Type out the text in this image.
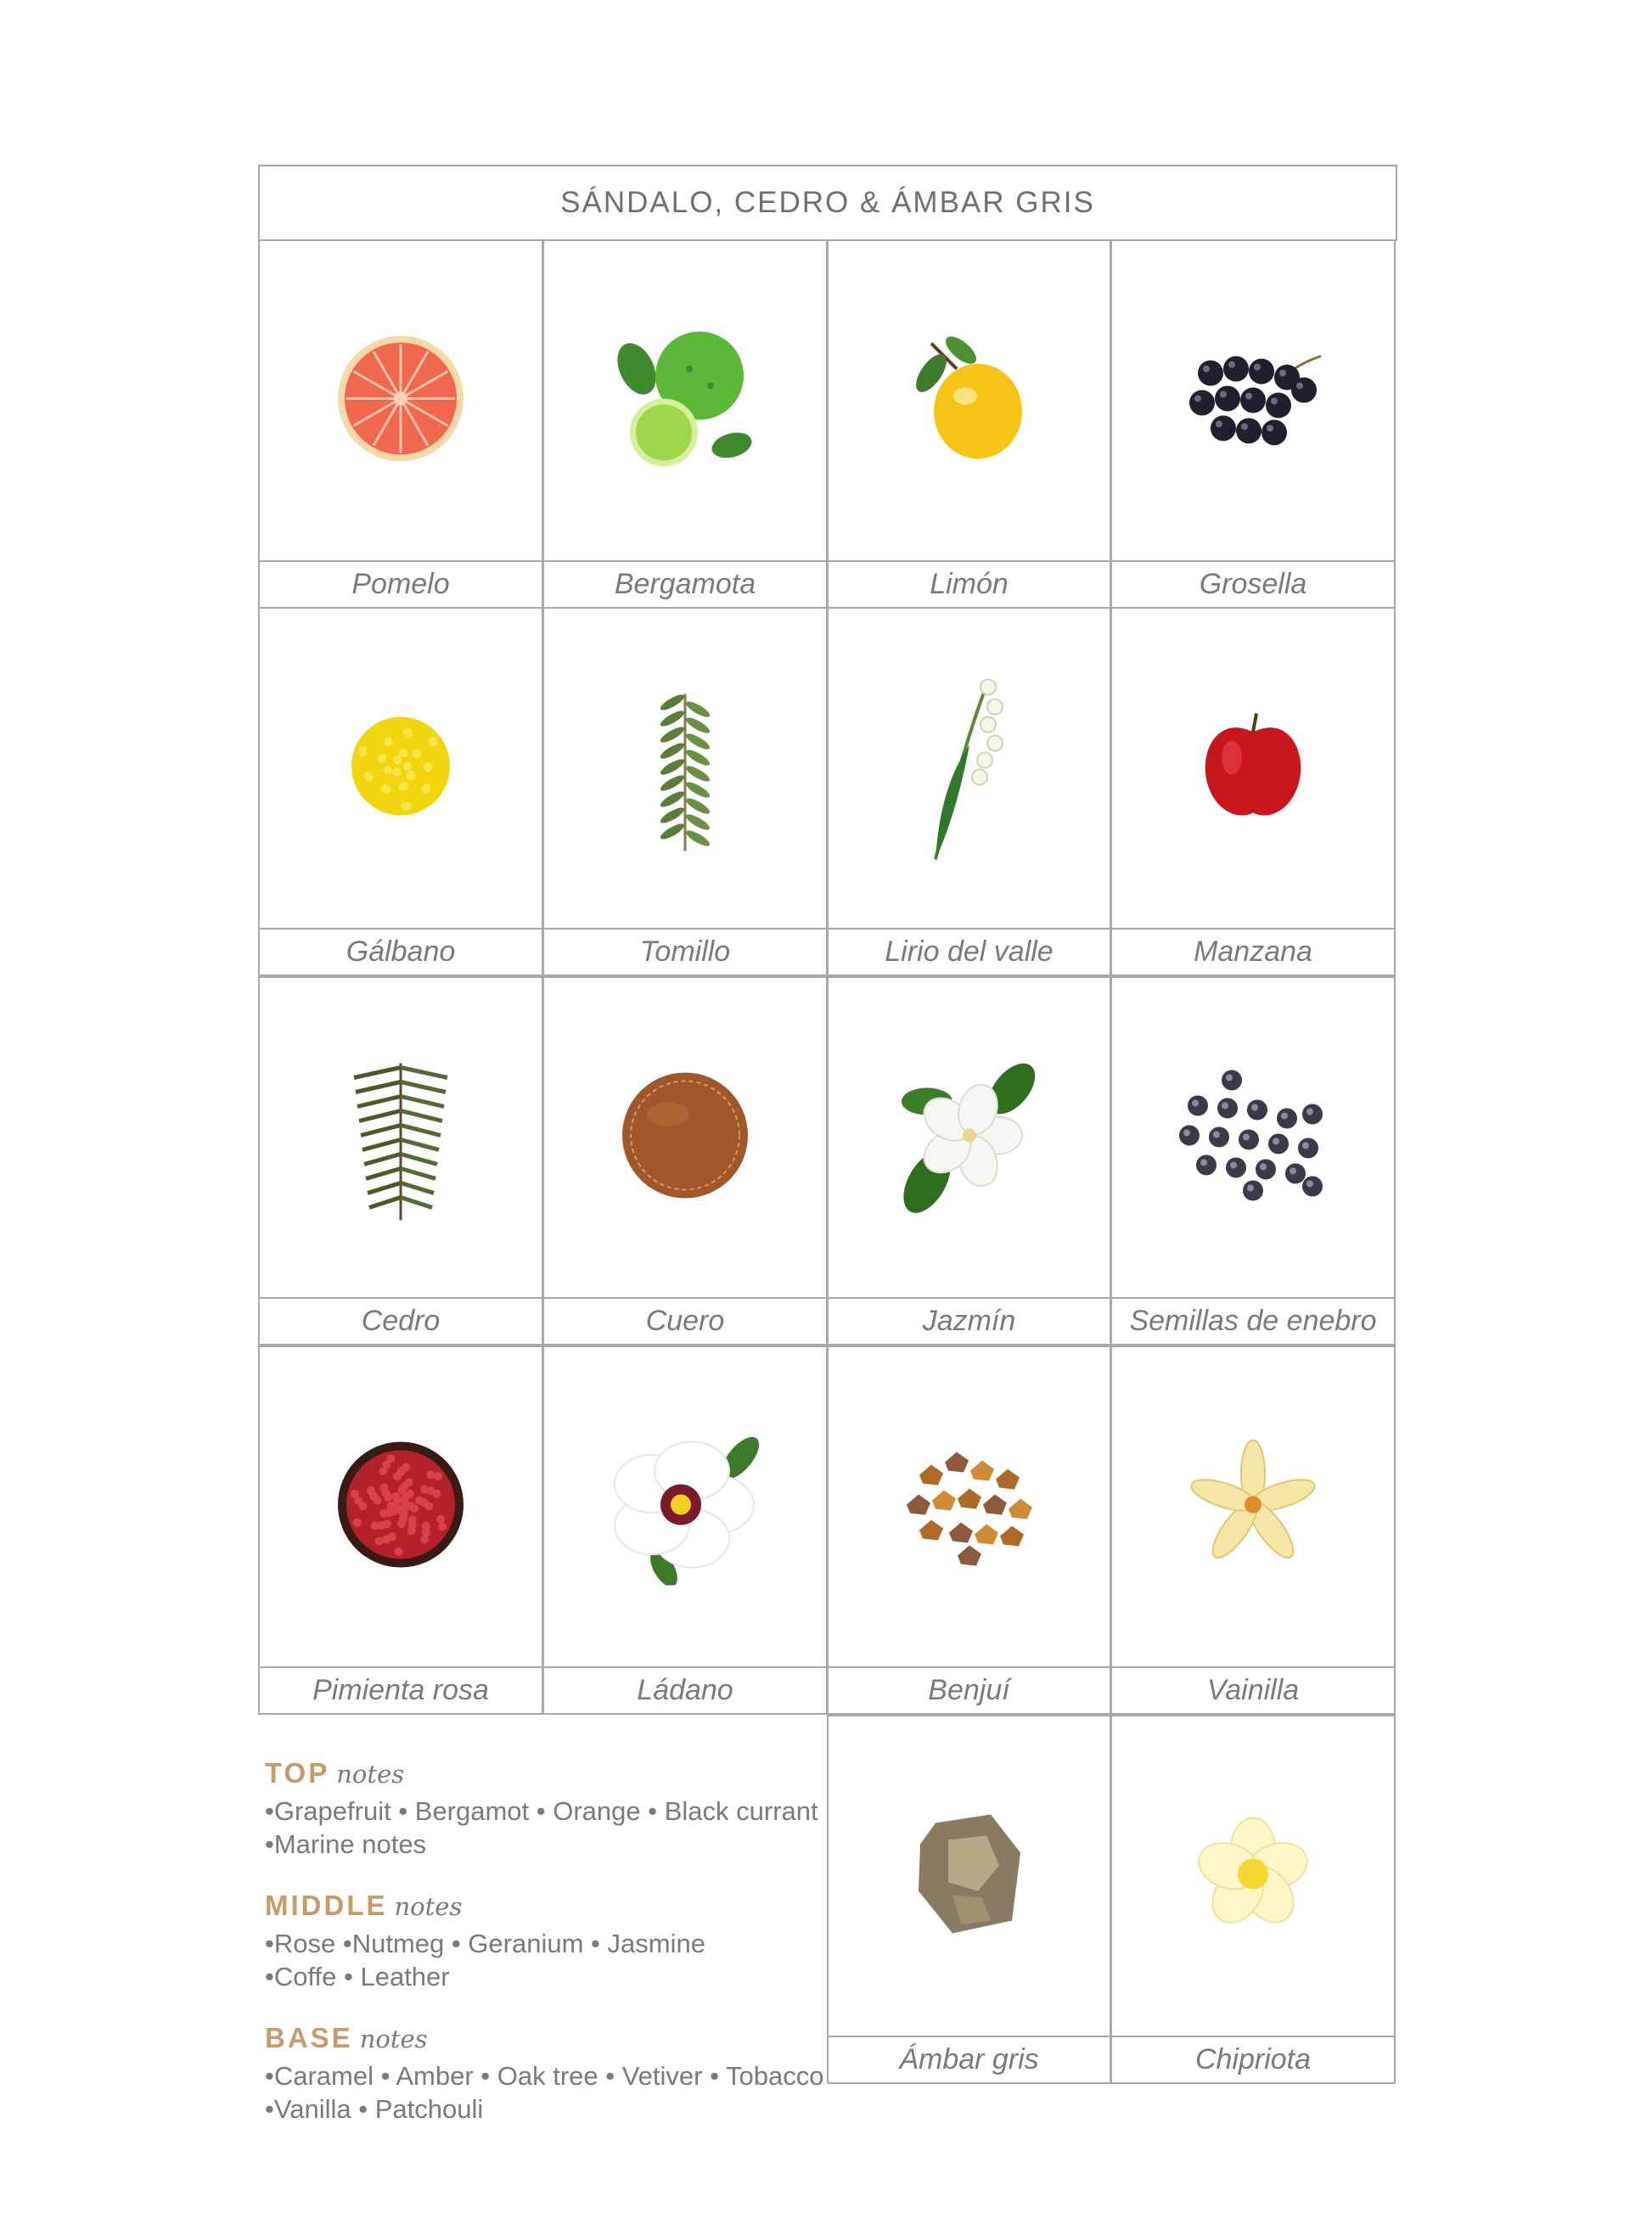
SÁNDALO, CEDRO & ÁMBAR GRIS
Pomelo	Bergamota	Limón	Grosella
Gálbano	Tomillo	Lirio del valle	Manzana
Cedro	Cuero	Jazmín	Semillas de enebro
Pimienta rosa	Ládano	Benjuí	Vainilla
Ámbar gris	Chipriota
TOP notes
•Grapefruit • Bergamot • Orange • Black currant
•Marine notes
MIDDLE notes
•Rose •Nutmeg • Geranium • Jasmine
•Coffe • Leather
BASE notes
•Caramel • Amber • Oak tree • Vetiver • Tobacco
•Vanilla • Patchouli
